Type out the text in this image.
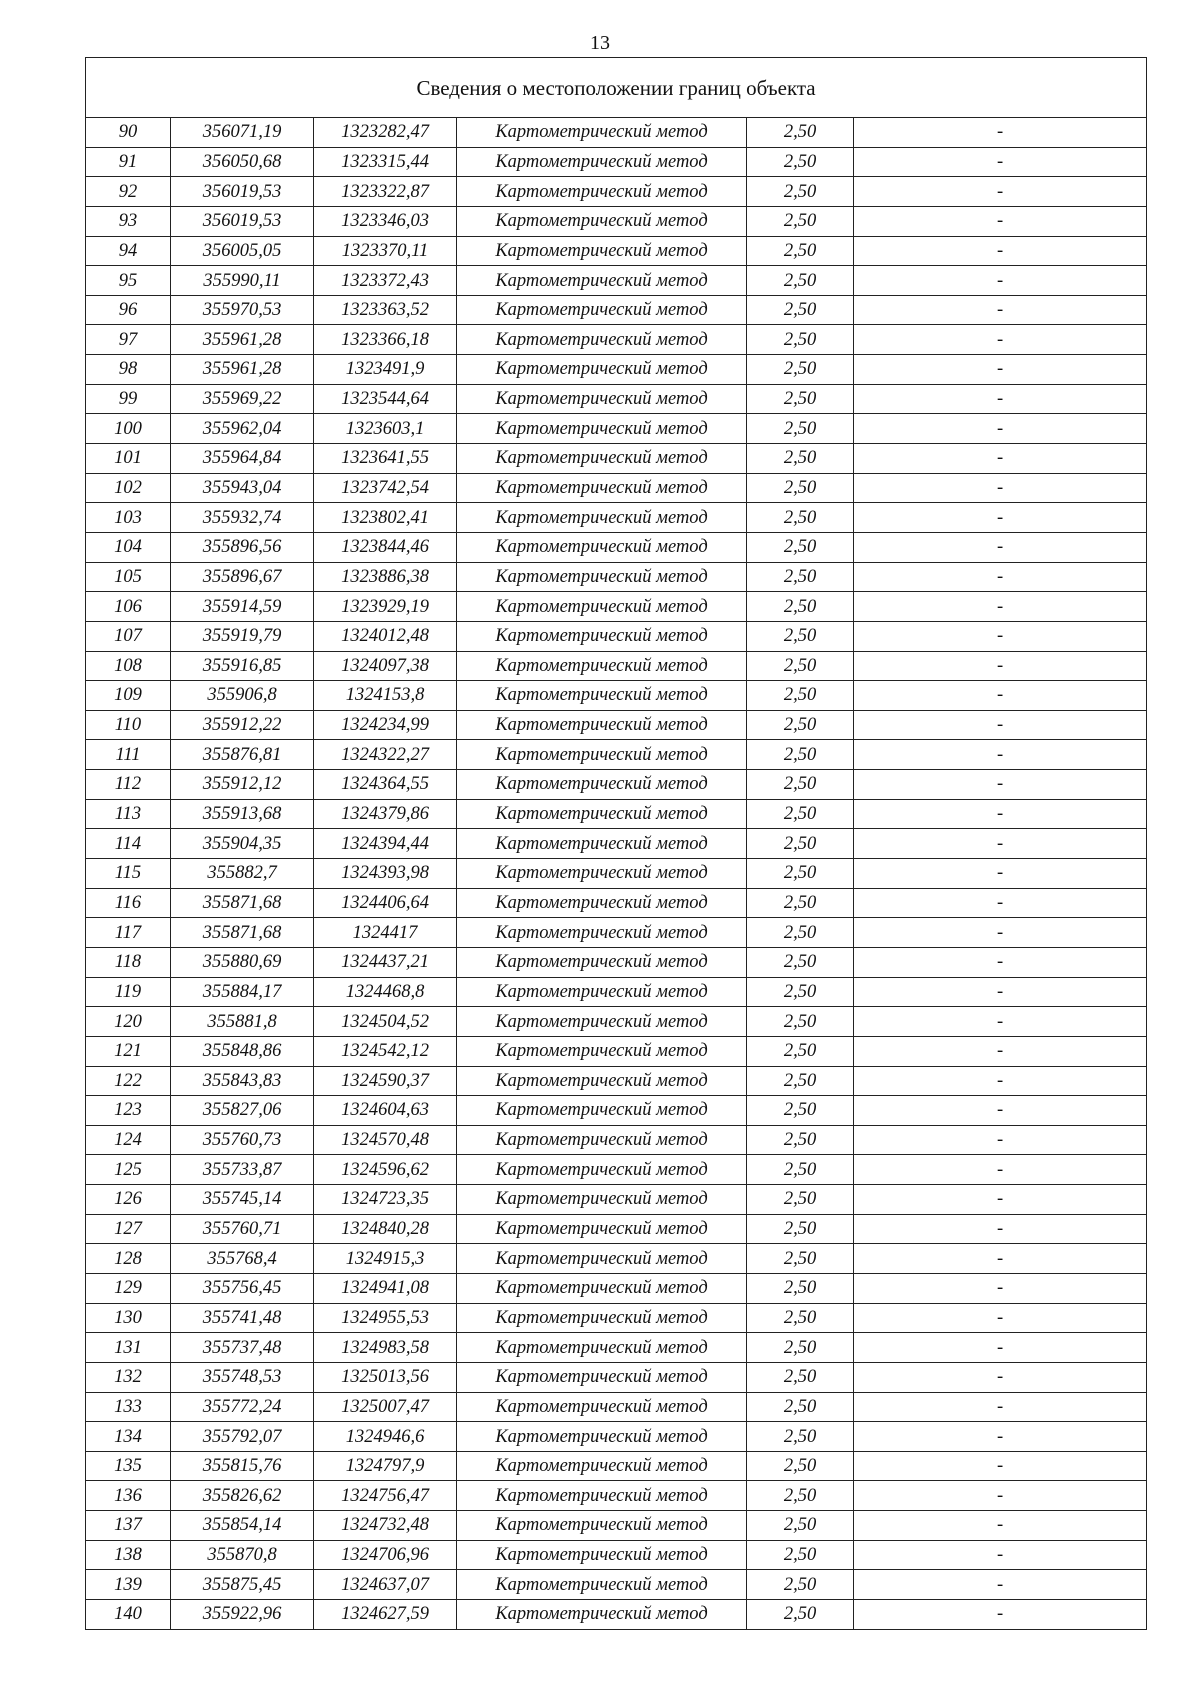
13
Сведения о местоположении границ объекта					
90	356071,19	1323282,47	Картометрический метод	2,50	-
91	356050,68	1323315,44	Картометрический метод	2,50	-
92	356019,53	1323322,87	Картометрический метод	2,50	-
93	356019,53	1323346,03	Картометрический метод	2,50	-
94	356005,05	1323370,11	Картометрический метод	2,50	-
95	355990,11	1323372,43	Картометрический метод	2,50	-
96	355970,53	1323363,52	Картометрический метод	2,50	-
97	355961,28	1323366,18	Картометрический метод	2,50	-
98	355961,28	1323491,9	Картометрический метод	2,50	-
99	355969,22	1323544,64	Картометрический метод	2,50	-
100	355962,04	1323603,1	Картометрический метод	2,50	-
101	355964,84	1323641,55	Картометрический метод	2,50	-
102	355943,04	1323742,54	Картометрический метод	2,50	-
103	355932,74	1323802,41	Картометрический метод	2,50	-
104	355896,56	1323844,46	Картометрический метод	2,50	-
105	355896,67	1323886,38	Картометрический метод	2,50	-
106	355914,59	1323929,19	Картометрический метод	2,50	-
107	355919,79	1324012,48	Картометрический метод	2,50	-
108	355916,85	1324097,38	Картометрический метод	2,50	-
109	355906,8	1324153,8	Картометрический метод	2,50	-
110	355912,22	1324234,99	Картометрический метод	2,50	-
111	355876,81	1324322,27	Картометрический метод	2,50	-
112	355912,12	1324364,55	Картометрический метод	2,50	-
113	355913,68	1324379,86	Картометрический метод	2,50	-
114	355904,35	1324394,44	Картометрический метод	2,50	-
115	355882,7	1324393,98	Картометрический метод	2,50	-
116	355871,68	1324406,64	Картометрический метод	2,50	-
117	355871,68	1324417	Картометрический метод	2,50	-
118	355880,69	1324437,21	Картометрический метод	2,50	-
119	355884,17	1324468,8	Картометрический метод	2,50	-
120	355881,8	1324504,52	Картометрический метод	2,50	-
121	355848,86	1324542,12	Картометрический метод	2,50	-
122	355843,83	1324590,37	Картометрический метод	2,50	-
123	355827,06	1324604,63	Картометрический метод	2,50	-
124	355760,73	1324570,48	Картометрический метод	2,50	-
125	355733,87	1324596,62	Картометрический метод	2,50	-
126	355745,14	1324723,35	Картометрический метод	2,50	-
127	355760,71	1324840,28	Картометрический метод	2,50	-
128	355768,4	1324915,3	Картометрический метод	2,50	-
129	355756,45	1324941,08	Картометрический метод	2,50	-
130	355741,48	1324955,53	Картометрический метод	2,50	-
131	355737,48	1324983,58	Картометрический метод	2,50	-
132	355748,53	1325013,56	Картометрический метод	2,50	-
133	355772,24	1325007,47	Картометрический метод	2,50	-
134	355792,07	1324946,6	Картометрический метод	2,50	-
135	355815,76	1324797,9	Картометрический метод	2,50	-
136	355826,62	1324756,47	Картометрический метод	2,50	-
137	355854,14	1324732,48	Картометрический метод	2,50	-
138	355870,8	1324706,96	Картометрический метод	2,50	-
139	355875,45	1324637,07	Картометрический метод	2,50	-
140	355922,96	1324627,59	Картометрический метод	2,50	-
